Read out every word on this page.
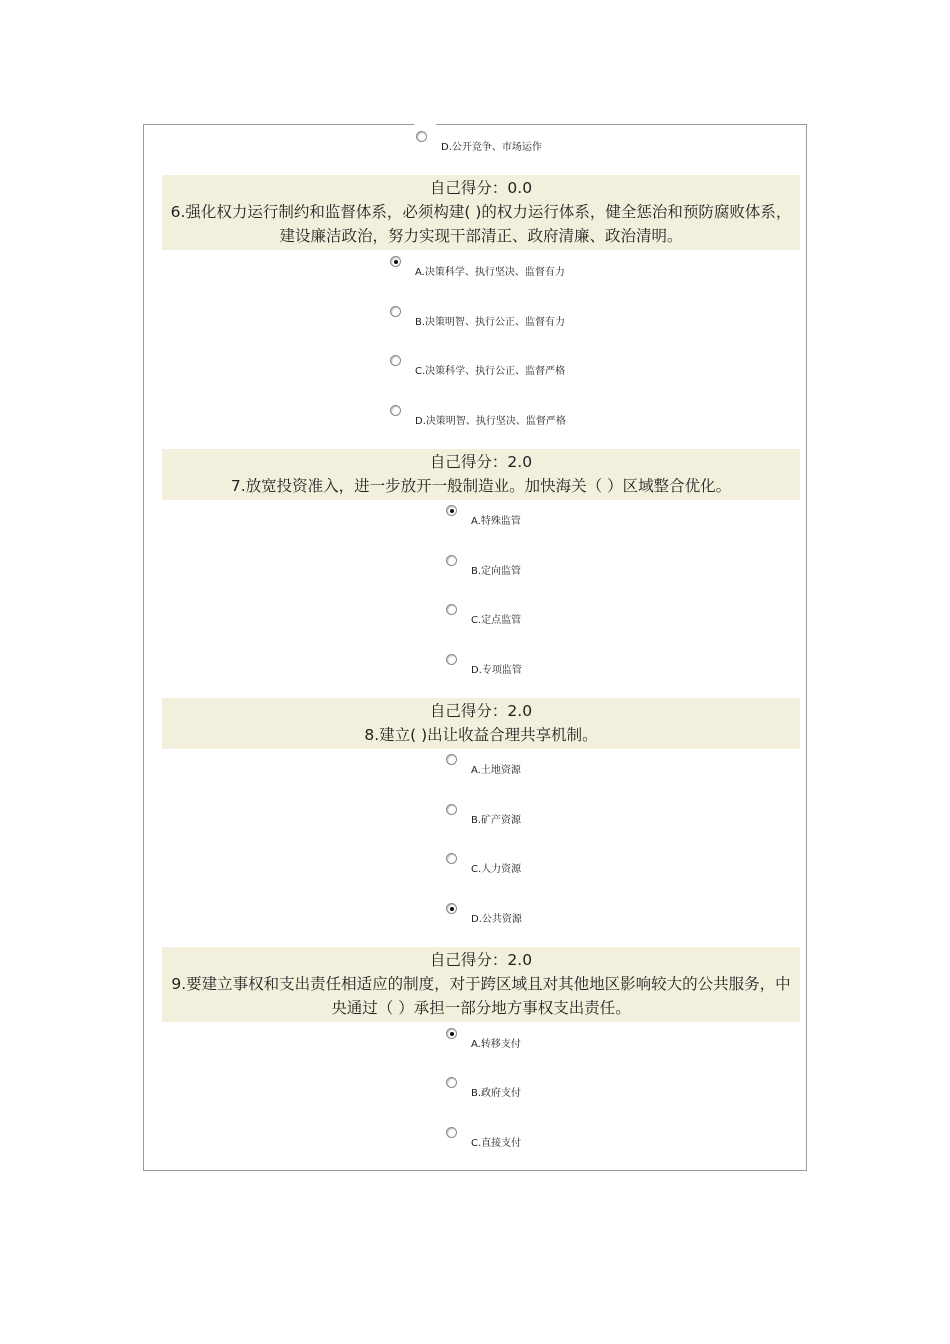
D.公开竞争、市场运作
自己得分：0.0
6.强化权力运行制约和监督体系，必须构建( )的权力运行体系，健全惩治和预防腐败体系，建设廉洁政治，努力实现干部清正、政府清廉、政治清明。
A.决策科学、执行坚决、监督有力
B.决策明智、执行公正、监督有力
C.决策科学、执行公正、监督严格
D.决策明智、执行坚决、监督严格
自己得分：2.0
7.放宽投资准入，进一步放开一般制造业。加快海关（ ）区域整合优化。
A.特殊监管
B.定向监管
C.定点监管
D.专项监管
自己得分：2.0
8.建立( )出让收益合理共享机制。
A.土地资源
B.矿产资源
C.人力资源
D.公共资源
自己得分：2.0
9.要建立事权和支出责任相适应的制度，对于跨区域且对其他地区影响较大的公共服务，中央通过（ ）承担一部分地方事权支出责任。
A.转移支付
B.政府支付
C.直接支付
